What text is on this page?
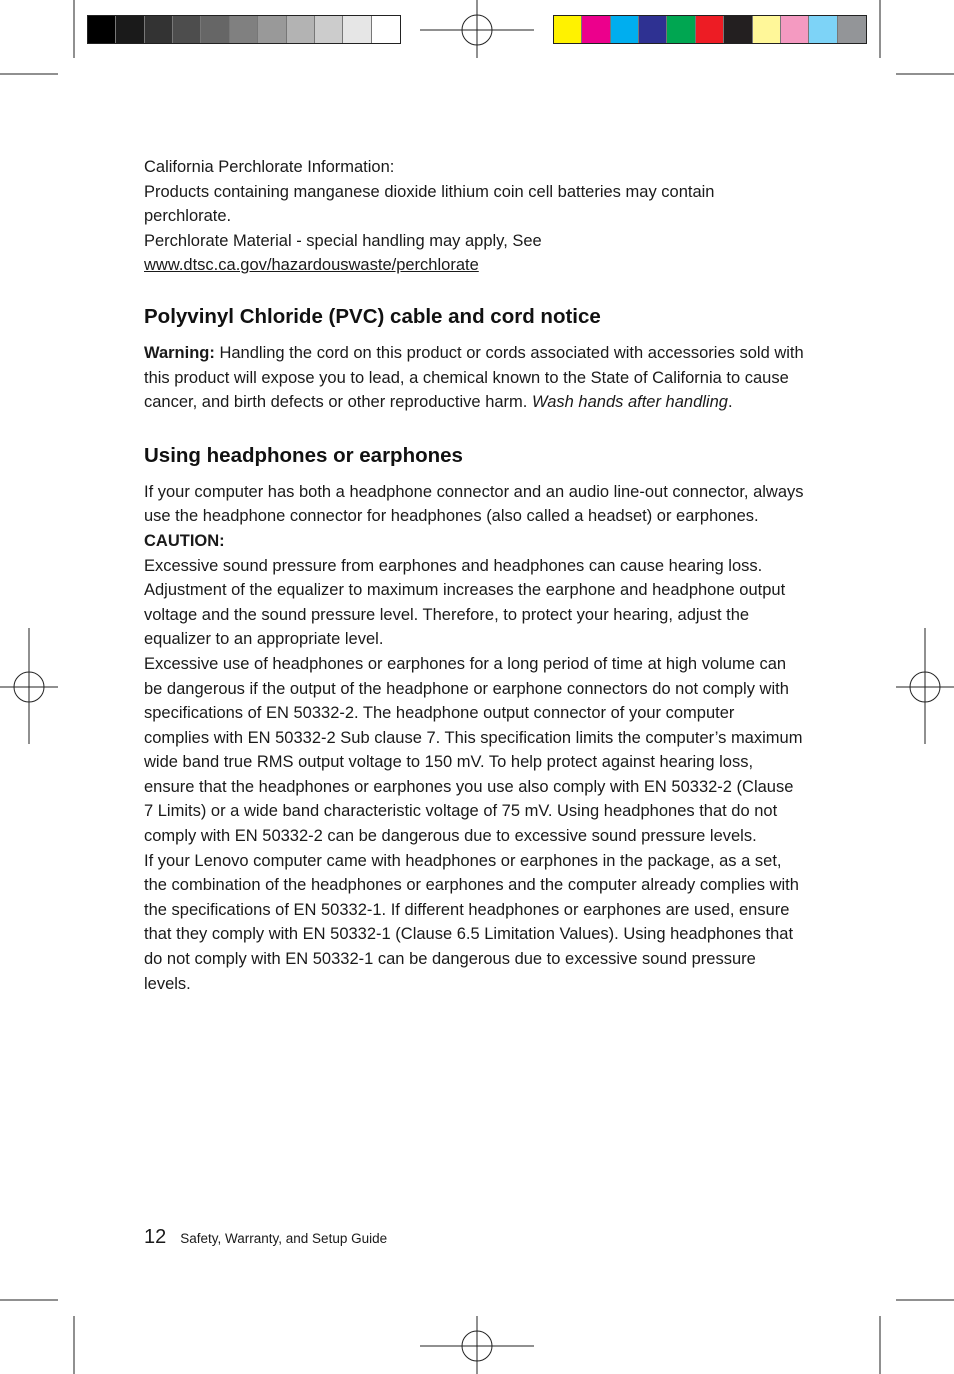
California Perchlorate Information:

Products containing manganese dioxide lithium coin cell batteries may contain perchlorate.

Perchlorate Material - special handling may apply, See

www.dtsc.ca.gov/hazardouswaste/perchlorate

Polyvinyl Chloride (PVC) cable and cord notice

Warning: Handling the cord on this product or cords associated with accessories sold with this product will expose you to lead, a chemical known to the State of California to cause cancer, and birth defects or other reproductive harm. Wash hands after handling.

Using headphones or earphones

If your computer has both a headphone connector and an audio line-out connector, always use the headphone connector for headphones (also called a headset) or earphones.

CAUTION:

Excessive sound pressure from earphones and headphones can cause hearing loss. Adjustment of the equalizer to maximum increases the earphone and headphone output voltage and the sound pressure level. Therefore, to protect your hearing, adjust the equalizer to an appropriate level.

Excessive use of headphones or earphones for a long period of time at high volume can be dangerous if the output of the headphone or earphone connectors do not comply with specifications of EN 50332-2. The headphone output connector of your computer complies with EN 50332-2 Sub clause 7. This specification limits the computer’s maximum wide band true RMS output voltage to 150 mV. To help protect against hearing loss, ensure that the headphones or earphones you use also comply with EN 50332-2 (Clause 7 Limits) or a wide band characteristic voltage of 75 mV. Using headphones that do not comply with EN 50332-2 can be dangerous due to excessive sound pressure levels.

If your Lenovo computer came with headphones or earphones in the package, as a set, the combination of the headphones or earphones and the computer already complies with the specifications of EN 50332-1. If different headphones or earphones are used, ensure that they comply with EN 50332-1 (Clause 6.5 Limitation Values). Using headphones that do not comply with EN 50332-1 can be dangerous due to excessive sound pressure levels.

12 Safety, Warranty, and Setup Guide
